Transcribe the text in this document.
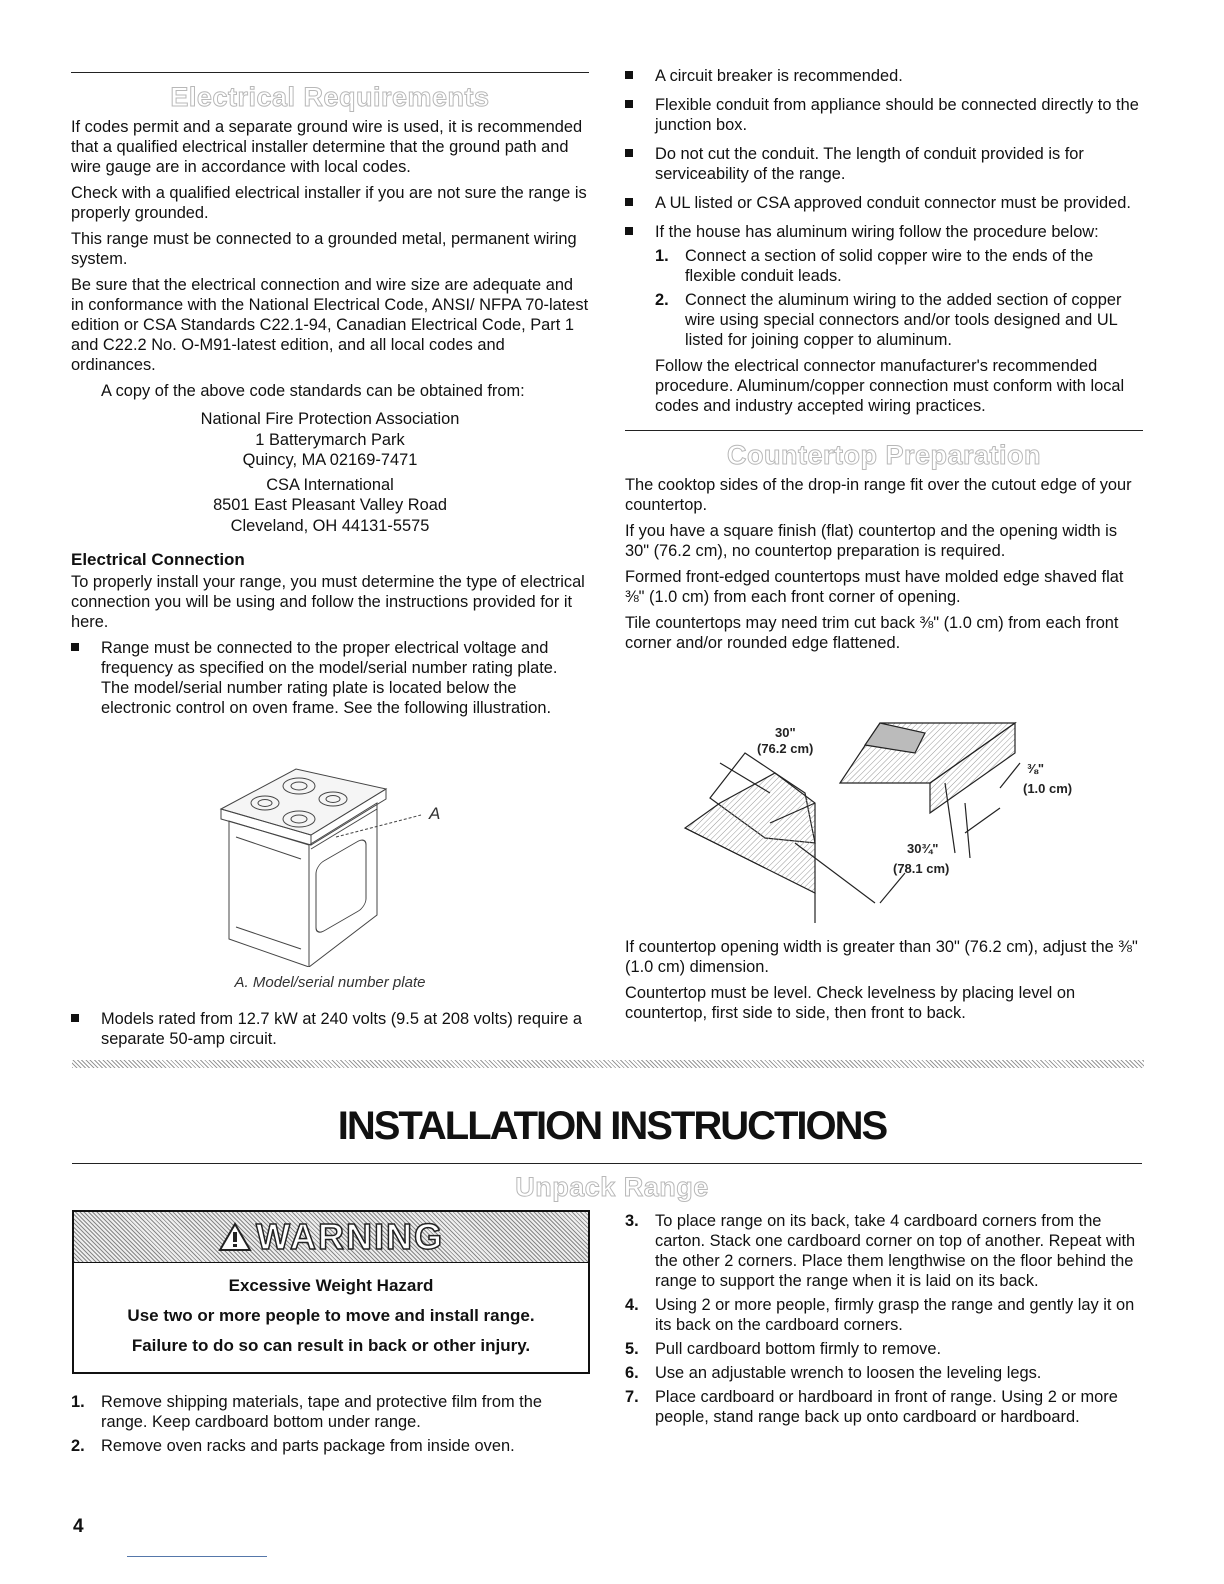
Electrical Requirements

If codes permit and a separate ground wire is used, it is recommended that a qualified electrical installer determine that the ground path and wire gauge are in accordance with local codes.

Check with a qualified electrical installer if you are not sure the range is properly grounded.

This range must be connected to a grounded metal, permanent wiring system.

Be sure that the electrical connection and wire size are adequate and in conformance with the National Electrical Code, ANSI/ NFPA 70-latest edition or CSA Standards C22.1-94, Canadian Electrical Code, Part 1 and C22.2 No. O-M91-latest edition, and all local codes and ordinances.

A copy of the above code standards can be obtained from:

National Fire Protection Association
1 Batterymarch Park
Quincy, MA 02169-7471
CSA International
8501 East Pleasant Valley Road
Cleveland, OH 44131-5575
Electrical Connection

To properly install your range, you must determine the type of electrical connection you will be using and follow the instructions provided for it here.

Range must be connected to the proper electrical voltage and frequency as specified on the model/serial number rating plate. The model/serial number rating plate is located below the electronic control on oven frame. See the following illustration.
A
A. Model/serial number plate
Models rated from 12.7 kW at 240 volts (9.5 at 208 volts) require a separate 50-amp circuit.
A circuit breaker is recommended.
Flexible conduit from appliance should be connected directly to the junction box.
Do not cut the conduit. The length of conduit provided is for serviceability of the range.
A UL listed or CSA approved conduit connector must be provided.
If the house has aluminum wiring follow the procedure below:
1. Connect a section of solid copper wire to the ends of the flexible conduit leads.
2. Connect the aluminum wiring to the added section of copper wire using special connectors and/or tools designed and UL listed for joining copper to aluminum.

Follow the electrical connector manufacturer's recommended procedure. Aluminum/copper connection must conform with local codes and industry accepted wiring practices.

Countertop Preparation

The cooktop sides of the drop-in range fit over the cutout edge of your countertop.

If you have a square finish (flat) countertop and the opening width is 30" (76.2 cm), no countertop preparation is required.

Formed front-edged countertops must have molded edge shaved flat ⅜" (1.0 cm) from each front corner of opening.

Tile countertops may need trim cut back ⅜" (1.0 cm) from each front corner and/or rounded edge flattened.

30"
(76.2 cm)
⅜"
(1.0 cm)
30¾"
(78.1 cm)

If countertop opening width is greater than 30" (76.2 cm), adjust the ⅜" (1.0 cm) dimension.

Countertop must be level. Check levelness by placing level on countertop, first side to side, then front to back.

INSTALLATION INSTRUCTIONS
Unpack Range
WARNING
Excessive Weight Hazard
Use two or more people to move and install range.
Failure to do so can result in back or other injury.
1. Remove shipping materials, tape and protective film from the range. Keep cardboard bottom under range.
2. Remove oven racks and parts package from inside oven.
3. To place range on its back, take 4 cardboard corners from the carton. Stack one cardboard corner on top of another. Repeat with the other 2 corners. Place them lengthwise on the floor behind the range to support the range when it is laid on its back.
4. Using 2 or more people, firmly grasp the range and gently lay it on its back on the cardboard corners.
5. Pull cardboard bottom firmly to remove.
6. Use an adjustable wrench to loosen the leveling legs.
7. Place cardboard or hardboard in front of range. Using 2 or more people, stand range back up onto cardboard or hardboard.
4
